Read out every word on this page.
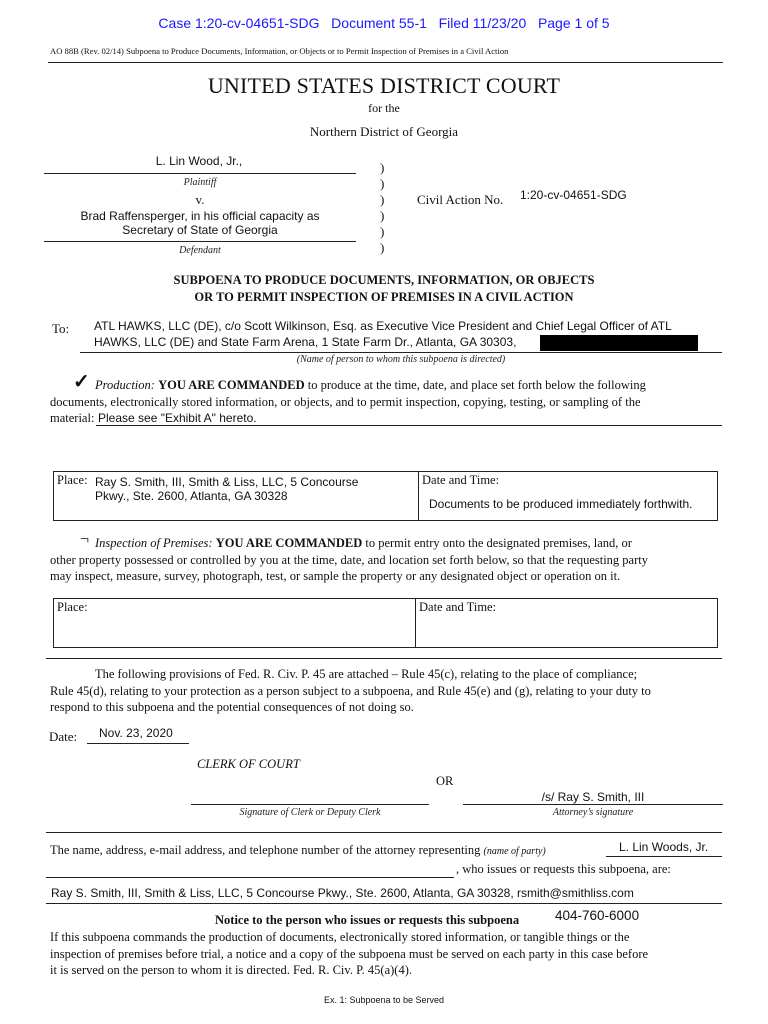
Case 1:20-cv-04651-SDG Document 55-1 Filed 11/23/20 Page 1 of 5
AO 88B (Rev. 02/14) Subpoena to Produce Documents, Information, or Objects or to Permit Inspection of Premises in a Civil Action
UNITED STATES DISTRICT COURT
for the
Northern District of Georgia
L. Lin Wood, Jr.,
Plaintiff
v.
Brad Raffensperger, in his official capacity as
Secretary of State of Georgia
Defendant
)
)
)
)
)
)
Civil Action No. 1:20-cv-04651-SDG
SUBPOENA TO PRODUCE DOCUMENTS, INFORMATION, OR OBJECTS
OR TO PERMIT INSPECTION OF PREMISES IN A CIVIL ACTION
To: ATL HAWKS, LLC (DE), c/o Scott Wilkinson, Esq. as Executive Vice President and Chief Legal Officer of ATL
HAWKS, LLC (DE) and State Farm Arena, 1 State Farm Dr., Atlanta, GA 30303,
(Name of person to whom this subpoena is directed)
✓ Production: YOU ARE COMMANDED to produce at the time, date, and place set forth below the following
documents, electronically stored information, or objects, and to permit inspection, copying, testing, or sampling of the
material: Please see "Exhibit A" hereto.
Place: Ray S. Smith, III, Smith & Liss, LLC, 5 Concourse
Pkwy., Ste. 2600, Atlanta, GA 30328
Date and Time:
Documents to be produced immediately forthwith.
⌐ Inspection of Premises: YOU ARE COMMANDED to permit entry onto the designated premises, land, or
other property possessed or controlled by you at the time, date, and location set forth below, so that the requesting party
may inspect, measure, survey, photograph, test, or sample the property or any designated object or operation on it.
Place:	Date and Time:
The following provisions of Fed. R. Civ. P. 45 are attached – Rule 45(c), relating to the place of compliance;
Rule 45(d), relating to your protection as a person subject to a subpoena, and Rule 45(e) and (g), relating to your duty to
respond to this subpoena and the potential consequences of not doing so.
Date: Nov. 23, 2020
CLERK OF COURT
OR
/s/ Ray S. Smith, III
Signature of Clerk or Deputy Clerk	Attorney’s signature
The name, address, e-mail address, and telephone number of the attorney representing (name of party)	L. Lin Woods, Jr.
, who issues or requests this subpoena, are:
Ray S. Smith, III, Smith & Liss, LLC, 5 Concourse Pkwy., Ste. 2600, Atlanta, GA 30328, rsmith@smithliss.com
Notice to the person who issues or requests this subpoena	404-760-6000
If this subpoena commands the production of documents, electronically stored information, or tangible things or the
inspection of premises before trial, a notice and a copy of the subpoena must be served on each party in this case before
it is served on the person to whom it is directed. Fed. R. Civ. P. 45(a)(4).
Ex. 1: Subpoena to be Served
